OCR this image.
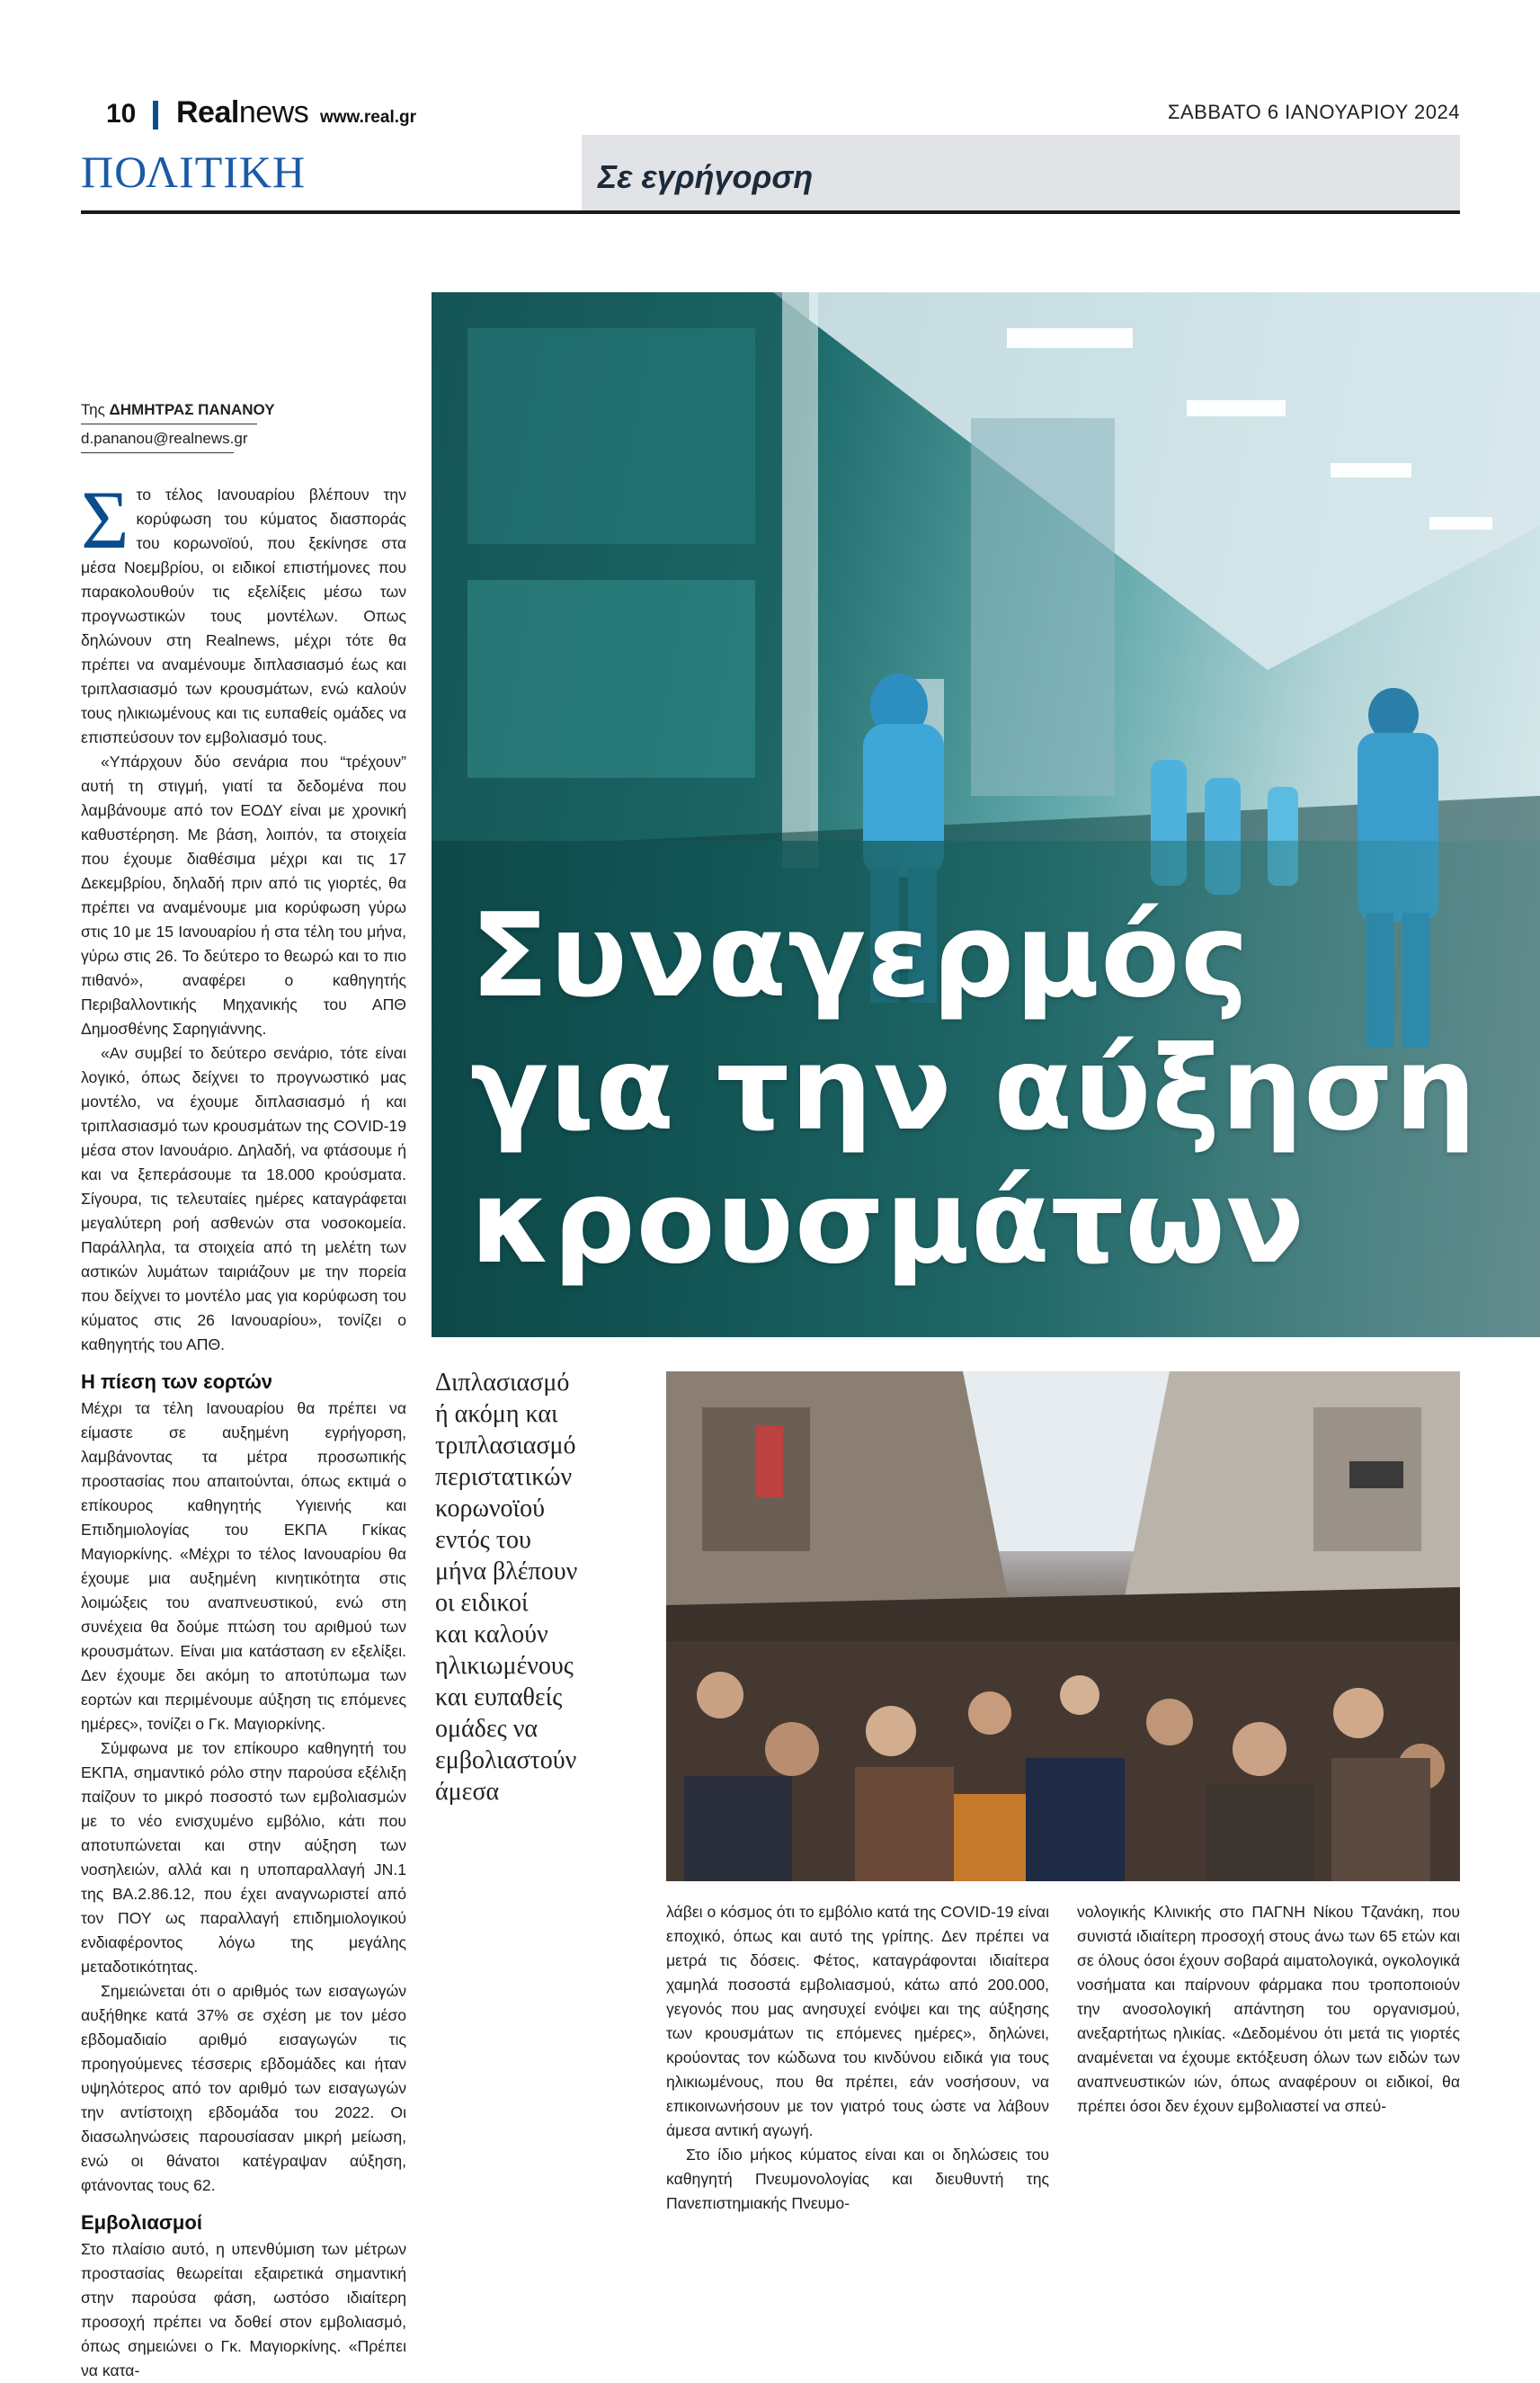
10 Realnews www.real.gr	ΣΑΒΒΑΤΟ 6 ΙΑΝΟΥΑΡΙΟΥ 2024
ΠΟΛΙΤΙΚΗ	Σε εγρήγορση
Συναγερμός
για την αύξηση
κρουσμάτων
Της ΔΗΜΗΤΡΑΣ ΠΑΝΑΝΟΥ
d.pananou@realnews.gr

Στο τέλος Ιανουαρίου βλέπουν την κορύφωση του κύματος διασποράς του κορωνοϊού, που ξεκίνησε στα μέσα Νοεμβρίου, οι ειδικοί επιστήμονες που παρακολουθούν τις εξελίξεις μέσω των προγνωστικών τους μοντέλων. Οπως δηλώνουν στη Realnews, μέχρι τότε θα πρέπει να αναμένουμε διπλασιασμό έως και τριπλασιασμό των κρουσμάτων, ενώ καλούν τους ηλικιωμένους και τις ευπαθείς ομάδες να επισπεύσουν τον εμβολιασμό τους.

«Υπάρχουν δύο σενάρια που “τρέχουν” αυτή τη στιγμή, γιατί τα δεδομένα που λαμβάνουμε από τον ΕΟΔΥ είναι με χρονική καθυστέρηση. Με βάση, λοιπόν, τα στοιχεία που έχουμε διαθέσιμα μέχρι και τις 17 Δεκεμβρίου, δηλαδή πριν από τις γιορτές, θα πρέπει να αναμένουμε μια κορύφωση γύρω στις 10 με 15 Ιανουαρίου ή στα τέλη του μήνα, γύρω στις 26. Το δεύτερο το θεωρώ και το πιο πιθανό», αναφέρει ο καθηγητής Περιβαλλοντικής Μηχανικής του ΑΠΘ Δημοσθένης Σαρηγιάννης.

«Αν συμβεί το δεύτερο σενάριο, τότε είναι λογικό, όπως δείχνει το προγνωστικό μας μοντέλο, να έχουμε διπλασιασμό ή και τριπλασιασμό των κρουσμάτων της COVID-19 μέσα στον Ιανουάριο. Δηλαδή, να φτάσουμε ή και να ξεπεράσουμε τα 18.000 κρούσματα. Σίγουρα, τις τελευταίες ημέρες καταγράφεται μεγαλύτερη ροή ασθενών στα νοσοκομεία. Παράλληλα, τα στοιχεία από τη μελέτη των αστικών λυμάτων ταιριάζουν με την πορεία που δείχνει το μοντέλο μας για κορύφωση του κύματος στις 26 Ιανουαρίου», τονίζει ο καθηγητής του ΑΠΘ.

Η πίεση των εορτών

Μέχρι τα τέλη Ιανουαρίου θα πρέπει να είμαστε σε αυξημένη εγρήγορση, λαμβάνοντας τα μέτρα προσωπικής προστασίας που απαιτούνται, όπως εκτιμά ο επίκουρος καθηγητής Υγιεινής και Επιδημιολογίας του ΕΚΠΑ Γκίκας Μαγιορκίνης. «Μέχρι το τέλος Ιανουαρίου θα έχουμε μια αυξημένη κινητικότητα στις λοιμώξεις του αναπνευστικού, ενώ στη συνέχεια θα δούμε πτώση του αριθμού των κρουσμάτων. Είναι μια κατάσταση εν εξελίξει. Δεν έχουμε δει ακόμη το αποτύπωμα των εορτών και περιμένουμε αύξηση τις επόμενες ημέρες», τονίζει ο Γκ. Μαγιορκίνης.

Σύμφωνα με τον επίκουρο καθηγητή του ΕΚΠΑ, σημαντικό ρόλο στην παρούσα εξέλιξη παίζουν το μικρό ποσοστό των εμβολιασμών με το νέο ενισχυμένο εμβόλιο, κάτι που αποτυπώνεται και στην αύξηση των νοσηλειών, αλλά και η υποπαραλλαγή JN.1 της BA.2.86.12, που έχει αναγνωριστεί από τον ΠΟΥ ως παραλλαγή επιδημιολογικού ενδιαφέροντος λόγω της μεγάλης μεταδοτικότητας.

Σημειώνεται ότι ο αριθμός των εισαγωγών αυξήθηκε κατά 37% σε σχέση με τον μέσο εβδομαδιαίο αριθμό εισαγωγών τις προηγούμενες τέσσερις εβδομάδες και ήταν υψηλότερος από τον αριθμό των εισαγωγών την αντίστοιχη εβδομάδα του 2022. Οι διασωληνώσεις παρουσίασαν μικρή μείωση, ενώ οι θάνατοι κατέγραψαν αύξηση, φτάνοντας τους 62.

Εμβολιασμοί

Στο πλαίσιο αυτό, η υπενθύμιση των μέτρων προστασίας θεωρείται εξαιρετικά σημαντική στην παρούσα φάση, ωστόσο ιδιαίτερη προσοχή πρέπει να δοθεί στον εμβολιασμό, όπως σημειώνει ο Γκ. Μαγιορκίνης. «Πρέπει να κατα-

Διπλασιασμό
ή ακόμη και
τριπλασιασμό
περιστατικών
κορωνοϊού
εντός του
μήνα βλέπουν
οι ειδικοί
και καλούν
ηλικιωμένους
και ευπαθείς
ομάδες να
εμβολιαστούν
άμεσα

λάβει ο κόσμος ότι το εμβόλιο κατά της COVID-19 είναι εποχικό, όπως και αυτό της γρίπης. Δεν πρέπει να μετρά τις δόσεις. Φέτος, καταγράφονται ιδιαίτερα χαμηλά ποσοστά εμβολιασμού, κάτω από 200.000, γεγονός που μας ανησυχεί ενόψει και της αύξησης των κρουσμάτων τις επόμενες ημέρες», δηλώνει, κρούοντας τον κώδωνα του κινδύνου ειδικά για τους ηλικιωμένους, που θα πρέπει, εάν νοσήσουν, να επικοινωνήσουν με τον γιατρό τους ώστε να λάβουν άμεσα αντική αγωγή.

Στο ίδιο μήκος κύματος είναι και οι δηλώσεις του καθηγητή Πνευμονολογίας και διευθυντή της Πανεπιστημιακής Πνευμο-

νολογικής Κλινικής στο ΠΑΓΝΗ Νίκου Τζανάκη, που συνιστά ιδιαίτερη προσοχή στους άνω των 65 ετών και σε όλους όσοι έχουν σοβαρά αιματολογικά, ογκολογικά νοσήματα και παίρνουν φάρμακα που τροποποιούν την ανοσολογική απάντηση του οργανισμού, ανεξαρτήτως ηλικίας. «Δεδομένου ότι μετά τις γιορτές αναμένεται να έχουμε εκτόξευση όλων των ειδών των αναπνευστικών ιών, όπως αναφέρουν οι ειδικοί, θα πρέπει όσοι δεν έχουν εμβολιαστεί να σπεύ-
